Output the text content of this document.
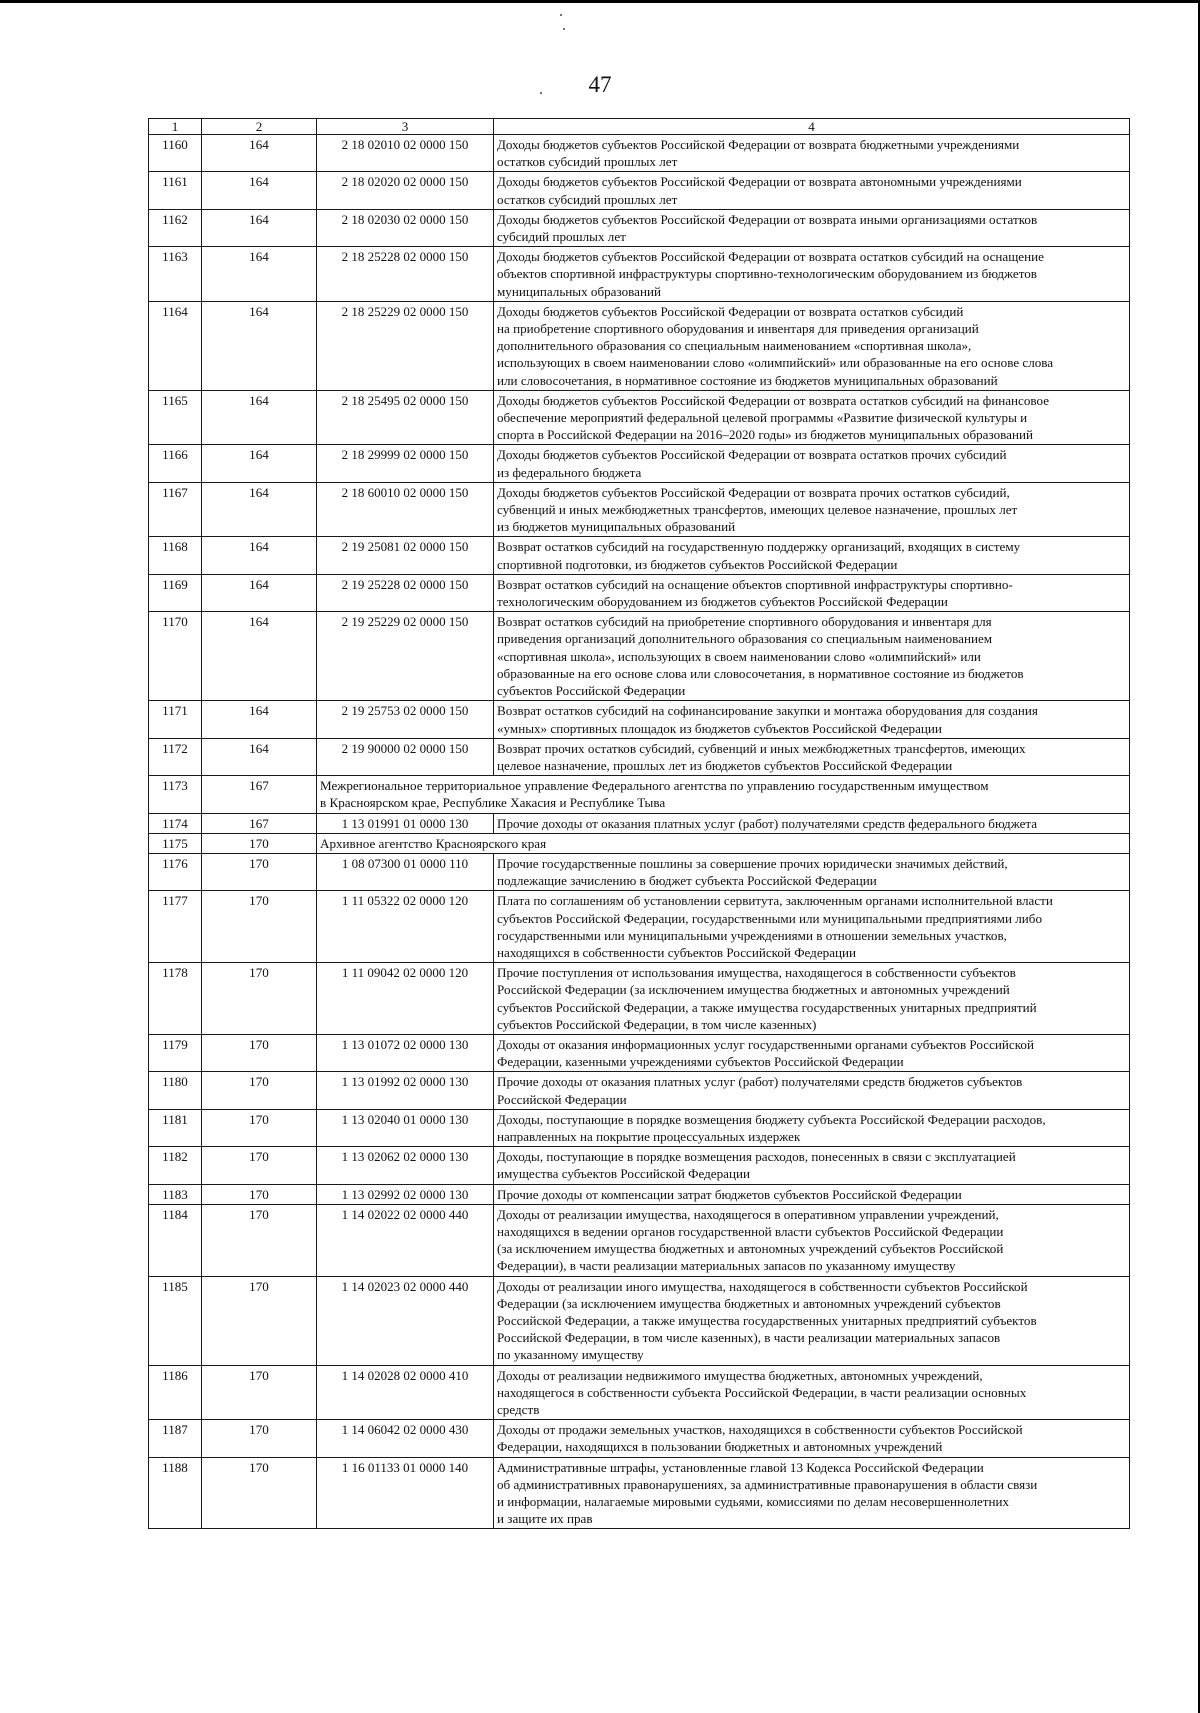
47
1	2	3	4
1160	164	2 18 02010 02 0000 150	Доходы бюджетов субъектов Российской Федерации от возврата бюджетными учреждениями
остатков субсидий прошлых лет
1161	164	2 18 02020 02 0000 150	Доходы бюджетов субъектов Российской Федерации от возврата автономными учреждениями
остатков субсидий прошлых лет
1162	164	2 18 02030 02 0000 150	Доходы бюджетов субъектов Российской Федерации от возврата иными организациями остатков
субсидий прошлых лет
1163	164	2 18 25228 02 0000 150	Доходы бюджетов субъектов Российской Федерации от возврата остатков субсидий на оснащение
объектов спортивной инфраструктуры спортивно-технологическим оборудованием из бюджетов
муниципальных образований
1164	164	2 18 25229 02 0000 150	Доходы бюджетов субъектов Российской Федерации от возврата остатков субсидий
на приобретение спортивного оборудования и инвентаря для приведения организаций
дополнительного образования со специальным наименованием «спортивная школа»,
использующих в своем наименовании слово «олимпийский» или образованные на его основе слова
или словосочетания, в нормативное состояние из бюджетов муниципальных образований
1165	164	2 18 25495 02 0000 150	Доходы бюджетов субъектов Российской Федерации от возврата остатков субсидий на финансовое
обеспечение мероприятий федеральной целевой программы «Развитие физической культуры и
спорта в Российской Федерации на 2016–2020 годы» из бюджетов муниципальных образований
1166	164	2 18 29999 02 0000 150	Доходы бюджетов субъектов Российской Федерации от возврата остатков прочих субсидий
из федерального бюджета
1167	164	2 18 60010 02 0000 150	Доходы бюджетов субъектов Российской Федерации от возврата прочих остатков субсидий,
субвенций и иных межбюджетных трансфертов, имеющих целевое назначение, прошлых лет
из бюджетов муниципальных образований
1168	164	2 19 25081 02 0000 150	Возврат остатков субсидий на государственную поддержку организаций, входящих в систему
спортивной подготовки, из бюджетов субъектов Российской Федерации
1169	164	2 19 25228 02 0000 150	Возврат остатков субсидий на оснащение объектов спортивной инфраструктуры спортивно-
технологическим оборудованием из бюджетов субъектов Российской Федерации
1170	164	2 19 25229 02 0000 150	Возврат остатков субсидий на приобретение спортивного оборудования и инвентаря для
приведения организаций дополнительного образования со специальным наименованием
«спортивная школа», использующих в своем наименовании слово «олимпийский» или
образованные на его основе слова или словосочетания, в нормативное состояние из бюджетов
субъектов Российской Федерации
1171	164	2 19 25753 02 0000 150	Возврат остатков субсидий на софинансирование закупки и монтажа оборудования для создания
«умных» спортивных площадок из бюджетов субъектов Российской Федерации
1172	164	2 19 90000 02 0000 150	Возврат прочих остатков субсидий, субвенций и иных межбюджетных трансфертов, имеющих
целевое назначение, прошлых лет из бюджетов субъектов Российской Федерации
1173	167	Межрегиональное территориальное управление Федерального агентства по управлению государственным имуществом
в Красноярском крае, Республике Хакасия и Республике Тыва	
1174	167	1 13 01991 01 0000 130	Прочие доходы от оказания платных услуг (работ) получателями средств федерального бюджета
1175	170	Архивное агентство Красноярского края	
1176	170	1 08 07300 01 0000 110	Прочие государственные пошлины за совершение прочих юридически значимых действий,
подлежащие зачислению в бюджет субъекта Российской Федерации
1177	170	1 11 05322 02 0000 120	Плата по соглашениям об установлении сервитута, заключенным органами исполнительной власти
субъектов Российской Федерации, государственными или муниципальными предприятиями либо
государственными или муниципальными учреждениями в отношении земельных участков,
находящихся в собственности субъектов Российской Федерации
1178	170	1 11 09042 02 0000 120	Прочие поступления от использования имущества, находящегося в собственности субъектов
Российской Федерации (за исключением имущества бюджетных и автономных учреждений
субъектов Российской Федерации, а также имущества государственных унитарных предприятий
субъектов Российской Федерации, в том числе казенных)
1179	170	1 13 01072 02 0000 130	Доходы от оказания информационных услуг государственными органами субъектов Российской
Федерации, казенными учреждениями субъектов Российской Федерации
1180	170	1 13 01992 02 0000 130	Прочие доходы от оказания платных услуг (работ) получателями средств бюджетов субъектов
Российской Федерации
1181	170	1 13 02040 01 0000 130	Доходы, поступающие в порядке возмещения бюджету субъекта Российской Федерации расходов,
направленных на покрытие процессуальных издержек
1182	170	1 13 02062 02 0000 130	Доходы, поступающие в порядке возмещения расходов, понесенных в связи с эксплуатацией
имущества субъектов Российской Федерации
1183	170	1 13 02992 02 0000 130	Прочие доходы от компенсации затрат бюджетов субъектов Российской Федерации
1184	170	1 14 02022 02 0000 440	Доходы от реализации имущества, находящегося в оперативном управлении учреждений,
находящихся в ведении органов государственной власти субъектов Российской Федерации
(за исключением имущества бюджетных и автономных учреждений субъектов Российской
Федерации), в части реализации материальных запасов по указанному имуществу
1185	170	1 14 02023 02 0000 440	Доходы от реализации иного имущества, находящегося в собственности субъектов Российской
Федерации (за исключением имущества бюджетных и автономных учреждений субъектов
Российской Федерации, а также имущества государственных унитарных предприятий субъектов
Российской Федерации, в том числе казенных), в части реализации материальных запасов
по указанному имуществу
1186	170	1 14 02028 02 0000 410	Доходы от реализации недвижимого имущества бюджетных, автономных учреждений,
находящегося в собственности субъекта Российской Федерации, в части реализации основных
средств
1187	170	1 14 06042 02 0000 430	Доходы от продажи земельных участков, находящихся в собственности субъектов Российской
Федерации, находящихся в пользовании бюджетных и автономных учреждений
1188	170	1 16 01133 01 0000 140	Административные штрафы, установленные главой 13 Кодекса Российской Федерации
об административных правонарушениях, за административные правонарушения в области связи
и информации, налагаемые мировыми судьями, комиссиями по делам несовершеннолетних
и защите их прав
